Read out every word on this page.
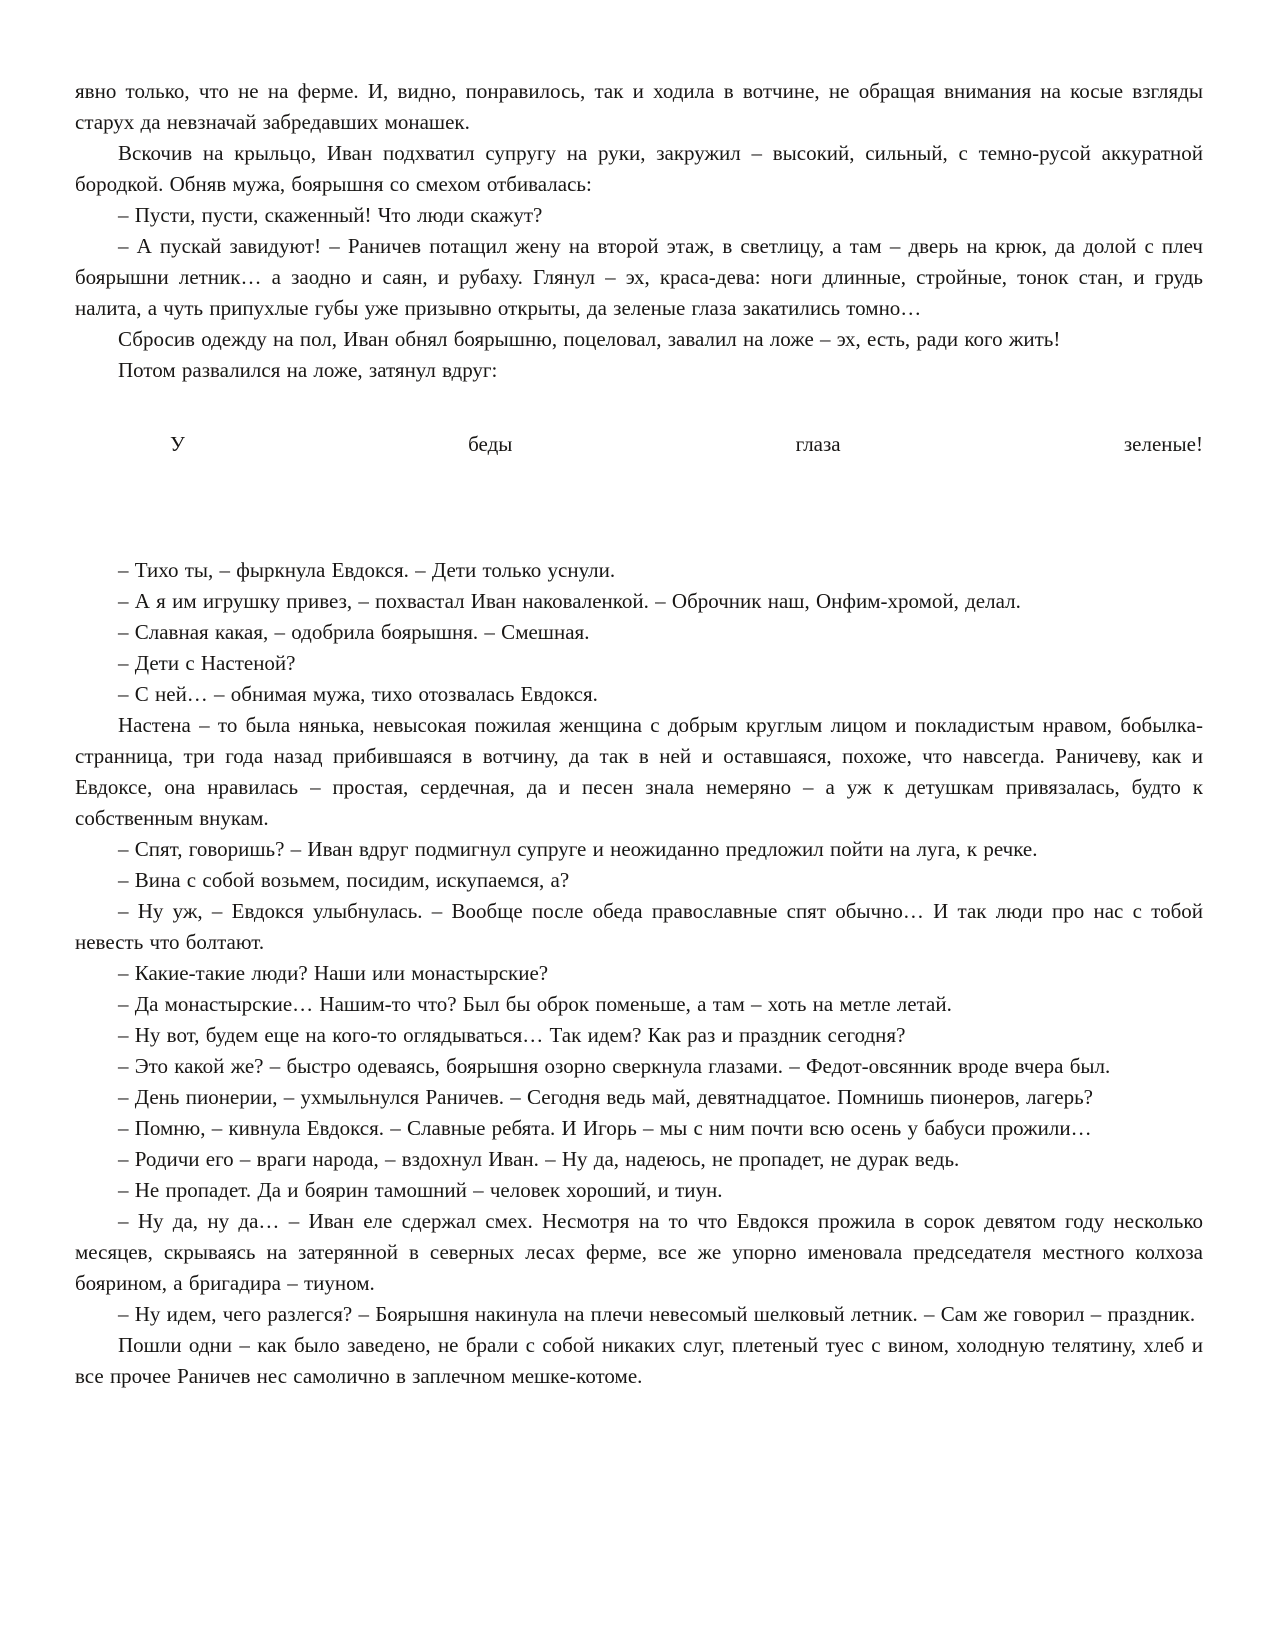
явно только, что не на ферме. И, видно, понравилось, так и ходила в вотчине, не обращая внимания на косые взгляды старух да невзначай забредавших монашек.

Вскочив на крыльцо, Иван подхватил супругу на руки, закружил – высокий, сильный, с темно-русой аккуратной бородкой. Обняв мужа, боярышня со смехом отбивалась:

– Пусти, пусти, скаженный! Что люди скажут?

– А пускай завидуют! – Раничев потащил жену на второй этаж, в светлицу, а там – дверь на крюк, да долой с плеч боярышни летник… а заодно и саян, и рубаху. Глянул – эх, краса-дева: ноги длинные, стройные, тонок стан, и грудь налита, а чуть припухлые губы уже призывно открыты, да зеленые глаза закатились томно…

Сбросив одежду на пол, Иван обнял боярышню, поцеловал, завалил на ложе – эх, есть, ради кого жить!

Потом развалился на ложе, затянул вдруг:

У	беды	глаза	зеленые!

– Тихо ты, – фыркнула Евдокся. – Дети только уснули.

– А я им игрушку привез, – похвастал Иван наковаленкой. – Оброчник наш, Онфим-хромой, делал.

– Славная какая, – одобрила боярышня. – Смешная.

– Дети с Настеной?

– С ней… – обнимая мужа, тихо отозвалась Евдокся.

Настена – то была нянька, невысокая пожилая женщина с добрым круглым лицом и покладистым нравом, бобылка-странница, три года назад прибившаяся в вотчину, да так в ней и оставшаяся, похоже, что навсегда. Раничеву, как и Евдоксе, она нравилась – простая, сердечная, да и песен знала немеряно – а уж к детушкам привязалась, будто к собственным внукам.

– Спят, говоришь? – Иван вдруг подмигнул супруге и неожиданно предложил пойти на луга, к речке.

– Вина с собой возьмем, посидим, искупаемся, а?

– Ну уж, – Евдокся улыбнулась. – Вообще после обеда православные спят обычно… И так люди про нас с тобой невесть что болтают.

– Какие-такие люди? Наши или монастырские?

– Да монастырские… Нашим-то что? Был бы оброк поменьше, а там – хоть на метле летай.

– Ну вот, будем еще на кого-то оглядываться… Так идем? Как раз и праздник сегодня?

– Это какой же? – быстро одеваясь, боярышня озорно сверкнула глазами. – Федот-овсянник вроде вчера был.

– День пионерии, – ухмыльнулся Раничев. – Сегодня ведь май, девятнадцатое. Помнишь пионеров, лагерь?

– Помню, – кивнула Евдокся. – Славные ребята. И Игорь – мы с ним почти всю осень у бабуси прожили…

– Родичи его – враги народа, – вздохнул Иван. – Ну да, надеюсь, не пропадет, не дурак ведь.

– Не пропадет. Да и боярин тамошний – человек хороший, и тиун.

– Ну да, ну да… – Иван еле сдержал смех. Несмотря на то что Евдокся прожила в сорок девятом году несколько месяцев, скрываясь на затерянной в северных лесах ферме, все же упорно именовала председателя местного колхоза боярином, а бригадира – тиуном.

– Ну идем, чего разлегся? – Боярышня накинула на плечи невесомый шелковый летник. – Сам же говорил – праздник.

Пошли одни – как было заведено, не брали с собой никаких слуг, плетеный туес с вином, холодную телятину, хлеб и все прочее Раничев нес самолично в заплечном мешке-котоме.
